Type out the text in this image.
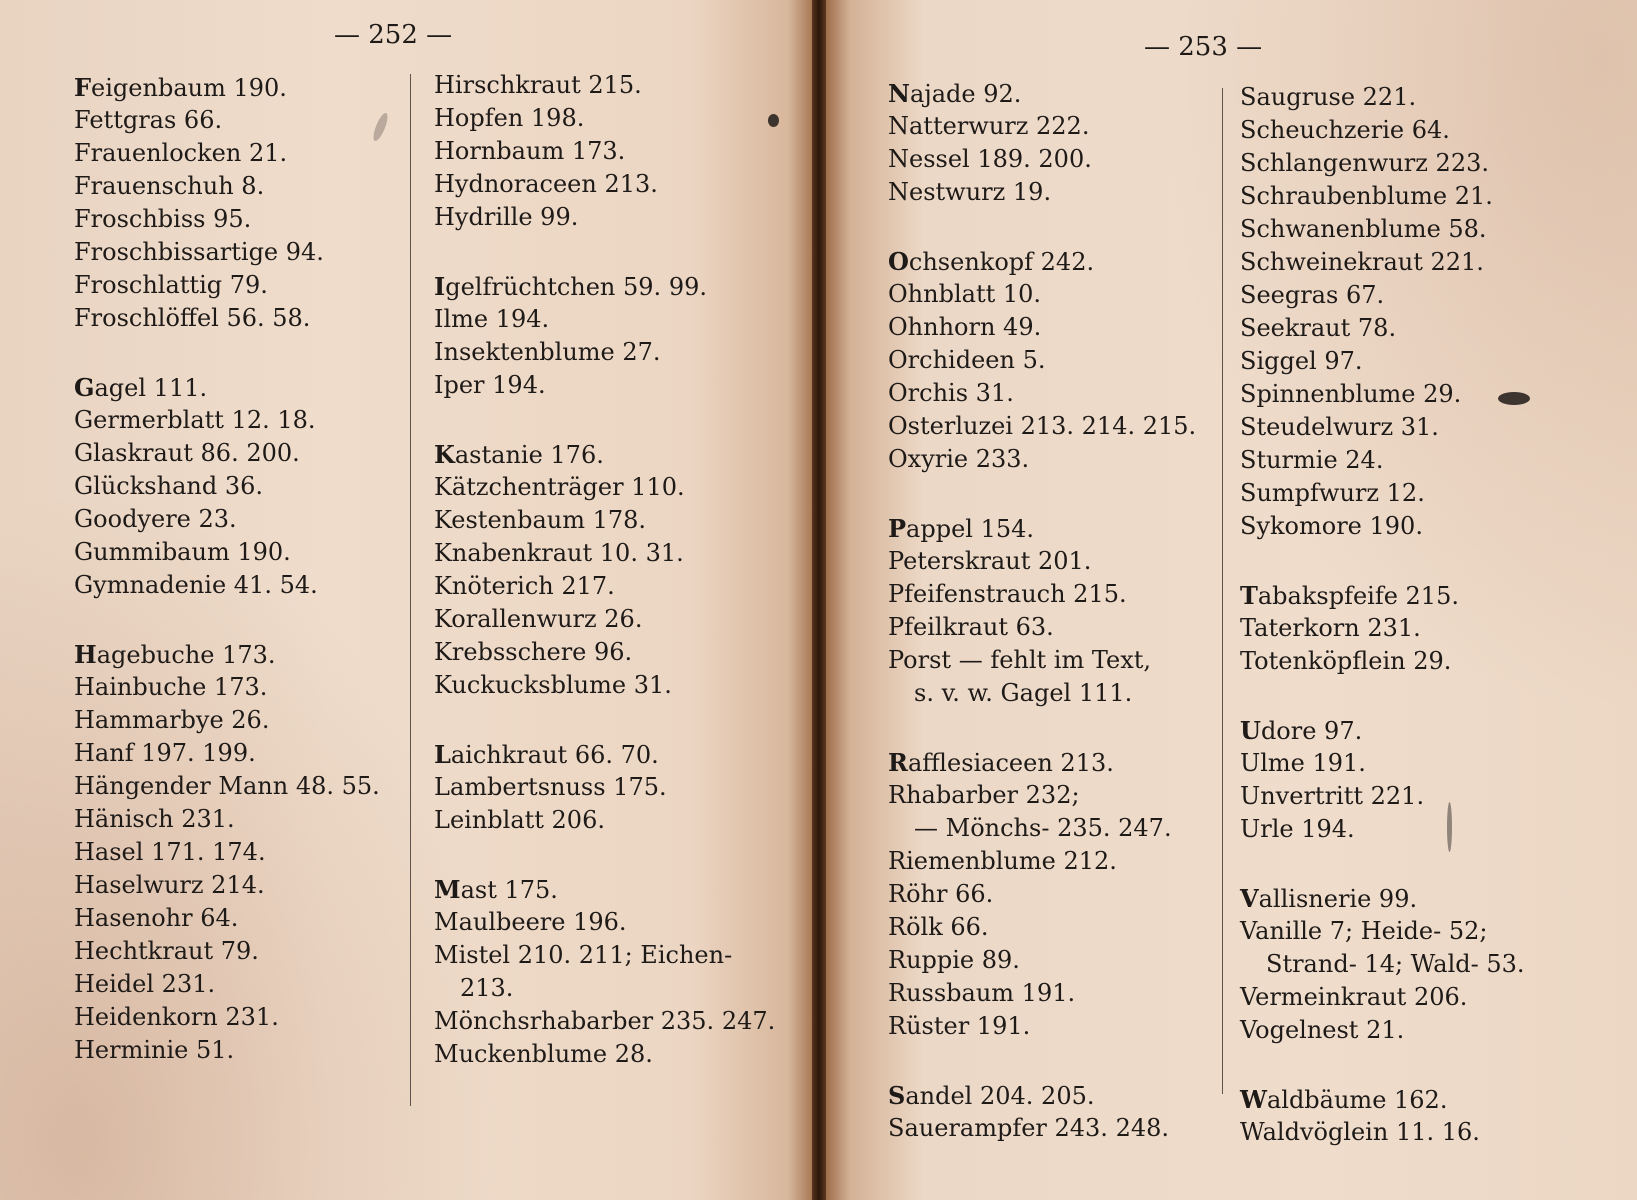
— 252 —
Feigenbaum 190.
Fettgras 66.
Frauenlocken 21.
Frauenschuh 8.
Froschbiss 95.
Froschbissartige 94.
Froschlattig 79.
Froschlöffel 56. 58.
Gagel 111.
Germerblatt 12. 18.
Glaskraut 86. 200.
Glückshand 36.
Goodyere 23.
Gummibaum 190.
Gymnadenie 41. 54.
Hagebuche 173.
Hainbuche 173.
Hammarbye 26.
Hanf 197. 199.
Hängender Mann 48. 55.
Hänisch 231.
Hasel 171. 174.
Haselwurz 214.
Hasenohr 64.
Hechtkraut 79.
Heidel 231.
Heidenkorn 231.
Herminie 51.
Hirschkraut 215.
Hopfen 198.
Hornbaum 173.
Hydnoraceen 213.
Hydrille 99.
Igelfrüchtchen 59. 99.
Ilme 194.
Insektenblume 27.
Iper 194.
Kastanie 176.
Kätzchenträger 110.
Kestenbaum 178.
Knabenkraut 10. 31.
Knöterich 217.
Korallenwurz 26.
Krebsschere 96.
Kuckucksblume 31.
Laichkraut 66. 70.
Lambertsnuss 175.
Leinblatt 206.
Mast 175.
Maulbeere 196.
Mistel 210. 211; Eichen-
213.
Mönchsrhabarber 235. 247.
Muckenblume 28.
— 253 —
Najade 92.
Natterwurz 222.
Nessel 189. 200.
Nestwurz 19.
Ochsenkopf 242.
Ohnblatt 10.
Ohnhorn 49.
Orchideen 5.
Orchis 31.
Osterluzei 213. 214. 215.
Oxyrie 233.
Pappel 154.
Peterskraut 201.
Pfeifenstrauch 215.
Pfeilkraut 63.
Porst — fehlt im Text,
s. v. w. Gagel 111.
Rafflesiaceen 213.
Rhabarber 232;
— Mönchs- 235. 247.
Riemenblume 212.
Röhr 66.
Rölk 66.
Ruppie 89.
Russbaum 191.
Rüster 191.
Sandel 204. 205.
Sauerampfer 243. 248.
Saugruse 221.
Scheuchzerie 64.
Schlangenwurz 223.
Schraubenblume 21.
Schwanenblume 58.
Schweinekraut 221.
Seegras 67.
Seekraut 78.
Siggel 97.
Spinnenblume 29.
Steudelwurz 31.
Sturmie 24.
Sumpfwurz 12.
Sykomore 190.
Tabakspfeife 215.
Taterkorn 231.
Totenköpflein 29.
Udore 97.
Ulme 191.
Unvertritt 221.
Urle 194.
Vallisnerie 99.
Vanille 7; Heide- 52;
Strand- 14; Wald- 53.
Vermeinkraut 206.
Vogelnest 21.
Waldbäume 162.
Waldvöglein 11. 16.
